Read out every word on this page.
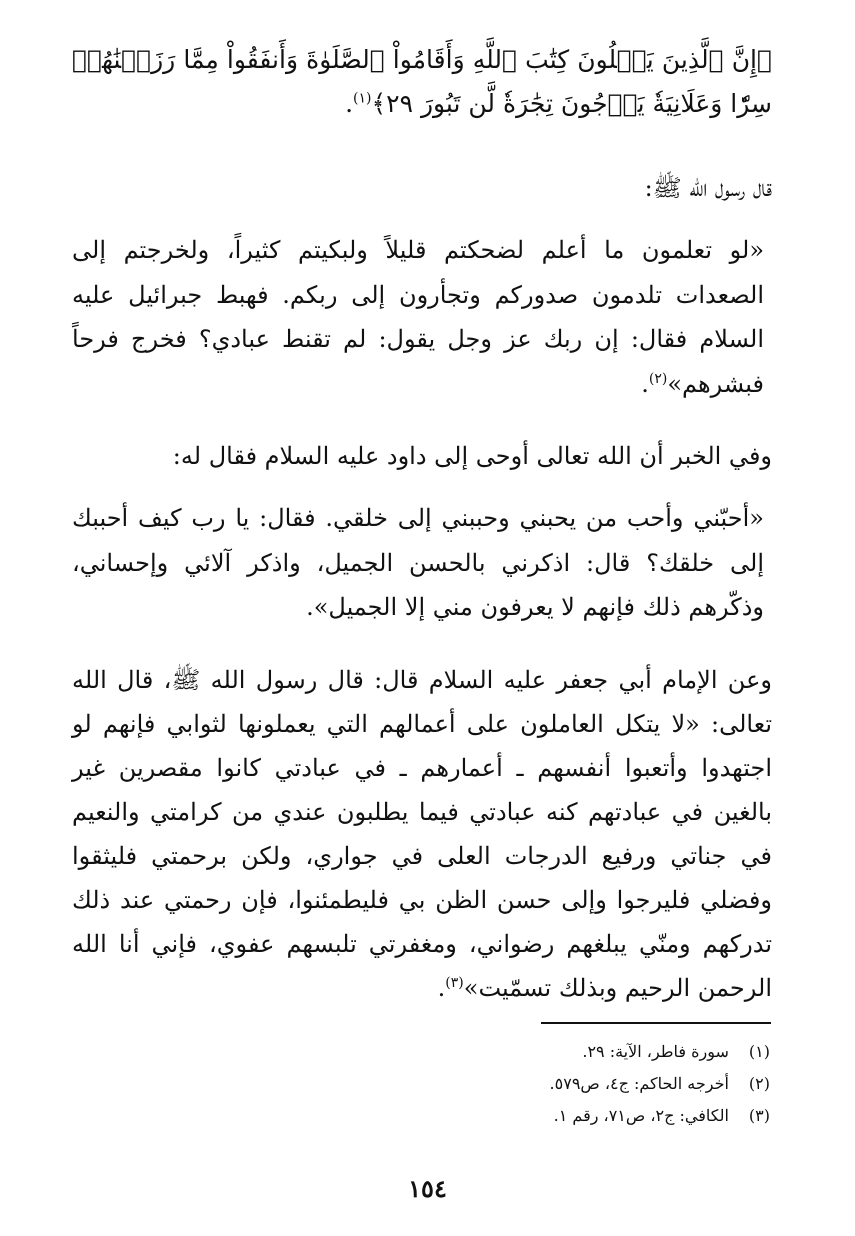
﴿إِنَّ ٱلَّذِينَ يَتۡلُونَ كِتَٰبَ ٱللَّهِ وَأَقَامُواْ ٱلصَّلَوٰةَ وَأَنفَقُواْ مِمَّا رَزَقۡنَٰهُمۡ سِرّٗا وَعَلَانِيَةٗ يَرۡجُونَ تِجَٰرَةٗ لَّن تَبُورَ ٢٩﴾$^{(١)}$.

قال رسول الله ﷺ:

«لو تعلمون ما أعلم لضحكتم قليلاً ولبكيتم كثيراً، ولخرجتم إلى الصعدات تلدمون صدوركم وتجأرون إلى ربكم. فهبط جبرائيل عليه السلام فقال: إن ربك عز وجل يقول: لم تقنط عبادي؟ فخرج فرحاً فبشرهم»$^{(٢)}$.

وفي الخبر أن الله تعالى أوحى إلى داود عليه السلام فقال له:

«أحبّني وأحب من يحبني وحببني إلى خلقي. فقال: يا رب كيف أحببك إلى خلقك؟ قال: اذكرني بالحسن الجميل، واذكر آلائي وإحساني، وذكّرهم ذلك فإنهم لا يعرفون مني إلا الجميل».

وعن الإمام أبي جعفر عليه السلام قال: قال رسول الله ﷺ، قال الله تعالى: «لا يتكل العاملون على أعمالهم التي يعملونها لثوابي فإنهم لو اجتهدوا وأتعبوا أنفسهم ـ أعمارهم ـ في عبادتي كانوا مقصرين غير بالغين في عبادتهم كنه عبادتي فيما يطلبون عندي من كرامتي والنعيم في جناتي ورفيع الدرجات العلى في جواري، ولكن برحمتي فليثقوا وفضلي فليرجوا وإلى حسن الظن بي فليطمئنوا، فإن رحمتي عند ذلك تدركهم ومنّي يبلغهم رضواني، ومغفرتي تلبسهم عفوي، فإني أنا الله الرحمن الرحيم وبذلك تسمّيت»$^{(٣)}$.

(١) سورة فاطر، الآية: ٢٩.
(٢) أخرجه الحاكم: ج٤، ص٥٧٩.
(٣) الكافي: ج٢، ص٧١، رقم ١.
١٥٤
